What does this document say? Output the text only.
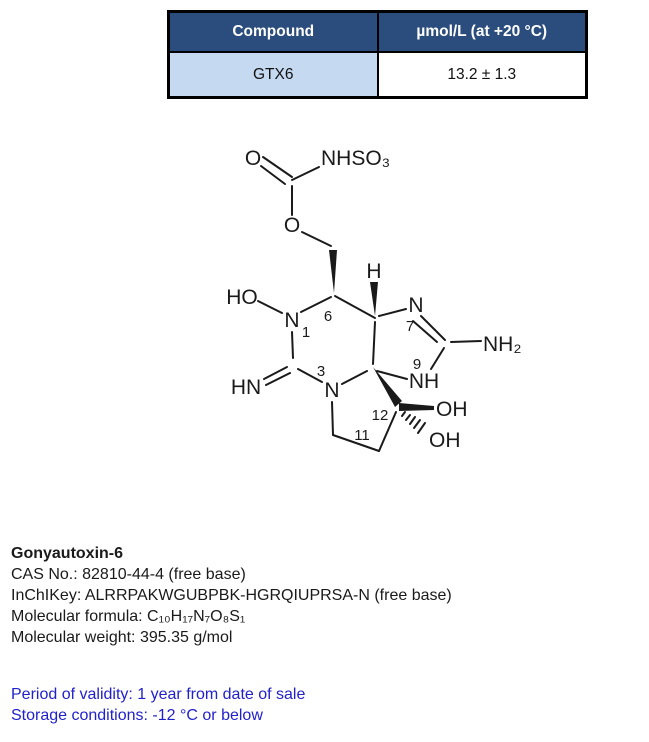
Compound	µmol/L (at +20 °C)
GTX6	13.2 ± 1.3
O	NHSO₃
O
HO
H
N
N
NH₂
NH
HN	N
OH
OH
1
6
7
9
3
12
11
Gonyautoxin-6
CAS No.: 82810-44-4 (free base)
InChIKey: ALRRPAKWGUBPBK-HGRQIUPRSA-N (free base)
Molecular formula: C₁₀H₁₇N₇O₈S₁
Molecular weight: 395.35 g/mol
Period of validity: 1 year from date of sale
Storage conditions: -12 °C or below
